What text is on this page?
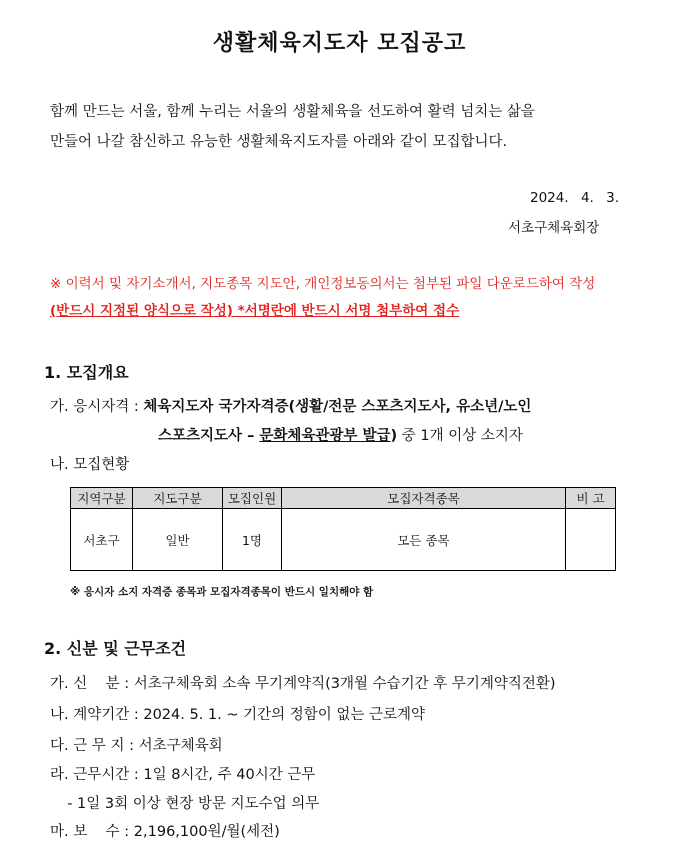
생활체육지도자 모집공고
함께 만드는 서울, 함께 누리는 서울의 생활체육을 선도하여 활력 넘치는 삶을
만들어 나갈 참신하고 유능한 생활체육지도자를 아래와 같이 모집합니다.
2024. 4. 3.
서초구체육회장
※ 이력서 및 자기소개서, 지도종목 지도안, 개인정보동의서는 첨부된 파일 다운로드하여 작성
(반드시 지정된 양식으로 작성) *서명란에 반드시 서명 첨부하여 접수
1. 모집개요
가. 응시자격 : 체육지도자 국가자격증(생활/전문 스포츠지도사, 유소년/노인
스포츠지도사 – 문화체육관광부 발급) 중 1개 이상 소지자
나. 모집현황
지역구분	지도구분	모집인원	모집자격종목	비 고
서초구	일반	1명	모든 종목	
※ 응시자 소지 자격증 종목과 모집자격종목이 반드시 일치해야 함
2. 신분 및 근무조건
가. 신    분 : 서초구체육회 소속 무기계약직(3개월 수습기간 후 무기계약직전환)
나. 계약기간 : 2024. 5. 1. ~ 기간의 정함이 없는 근로계약
다. 근 무 지 : 서초구체육회
라. 근무시간 : 1일 8시간, 주 40시간 근무
- 1일 3회 이상 현장 방문 지도수업 의무
마. 보    수 : 2,196,100원/월(세전)
